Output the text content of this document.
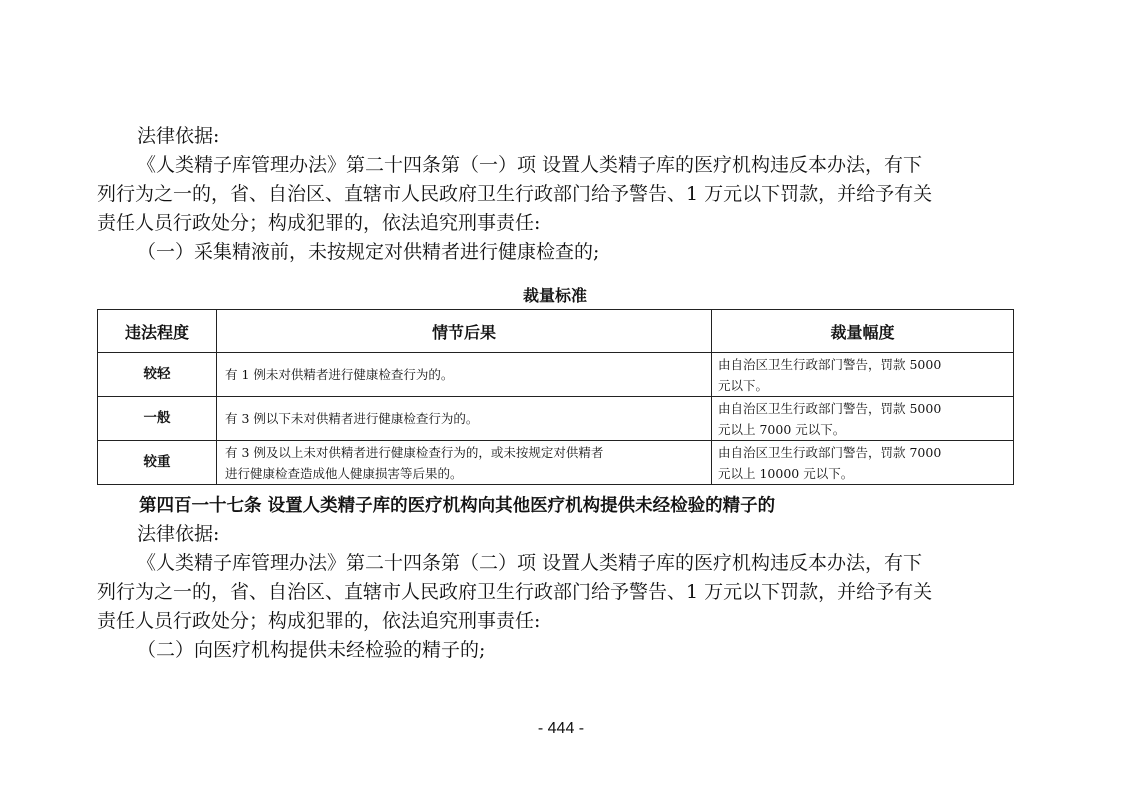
法律依据:
《人类精子库管理办法》第二十四条第（一）项 设置人类精子库的医疗机构违反本办法，有下
列行为之一的，省、自治区、直辖市人民政府卫生行政部门给予警告、1 万元以下罚款，并给予有关
责任人员行政处分；构成犯罪的，依法追究刑事责任:
（一）采集精液前，未按规定对供精者进行健康检查的;

裁量标准

违法程度	情节后果	裁量幅度
较轻	有 1 例未对供精者进行健康检查行为的。	由自治区卫生行政部门警告，罚款 5000
元以下。

一般	有 3 例以下未对供精者进行健康检查行为的。	由自治区卫生行政部门警告，罚款 5000
元以上 7000 元以下。

较重	有 3 例及以上未对供精者进行健康检查行为的，或未按规定对供精者
进行健康检查造成他人健康损害等后果的。	由自治区卫生行政部门警告，罚款 7000
元以上 10000 元以下。

第四百一十七条 设置人类精子库的医疗机构向其他医疗机构提供未经检验的精子的

法律依据:
《人类精子库管理办法》第二十四条第（二）项 设置人类精子库的医疗机构违反本办法，有下
列行为之一的，省、自治区、直辖市人民政府卫生行政部门给予警告、1 万元以下罚款，并给予有关
责任人员行政处分；构成犯罪的，依法追究刑事责任:
（二）向医疗机构提供未经检验的精子的;

- 444 -
